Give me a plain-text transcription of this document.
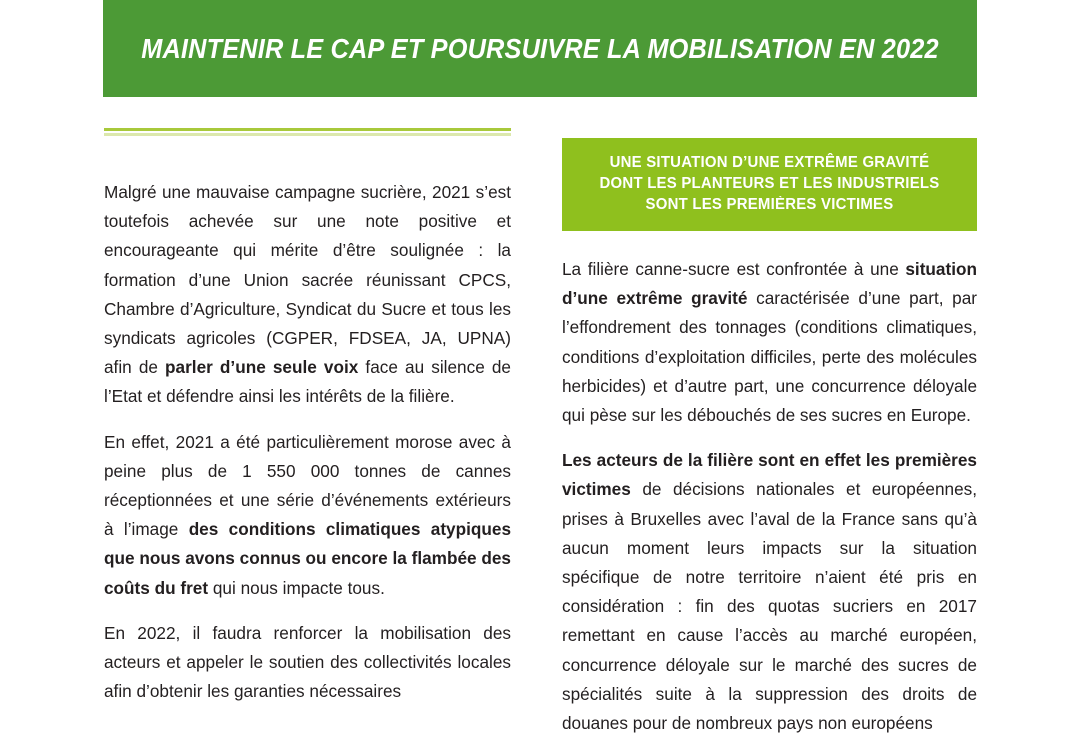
MAINTENIR LE CAP ET POURSUIVRE LA MOBILISATION EN 2022

Malgré une mauvaise campagne sucrière, 2021 s’est toutefois achevée sur une note positive et encourageante qui mérite d’être soulignée : la formation d’une Union sacrée réunissant CPCS, Chambre d’Agriculture, Syndicat du Sucre et tous les syndicats agricoles (CGPER, FDSEA, JA, UPNA) afin de parler d’une seule voix face au silence de l’Etat et défendre ainsi les intérêts de la filière.

En effet, 2021 a été particulièrement morose avec à peine plus de 1 550 000 tonnes de cannes réceptionnées et une série d’événements extérieurs à l’image des conditions climatiques atypiques que nous avons connus ou encore la flambée des coûts du fret qui nous impacte tous.

En 2022, il faudra renforcer la mobilisation des acteurs et appeler le soutien des collectivités locales afin d’obtenir les garanties nécessaires

UNE SITUATION D’UNE EXTRÊME GRAVITÉ
DONT LES PLANTEURS ET LES INDUSTRIELS
SONT LES PREMIÈRES VICTIMES

La filière canne-sucre est confrontée à une situation d’une extrême gravité caractérisée d’une part, par l’effondrement des tonnages (conditions climatiques, conditions d’exploitation difficiles, perte des molécules herbicides) et d’autre part, une concurrence déloyale qui pèse sur les débouchés de ses sucres en Europe.

Les acteurs de la filière sont en effet les premières victimes de décisions nationales et européennes, prises à Bruxelles avec l’aval de la France sans qu’à aucun moment leurs impacts sur la situation spécifique de notre territoire n’aient été pris en considération : fin des quotas sucriers en 2017 remettant en cause l’accès au marché européen, concurrence déloyale sur le marché des sucres de spécialités suite à la suppression des droits de douanes pour de nombreux pays non européens
